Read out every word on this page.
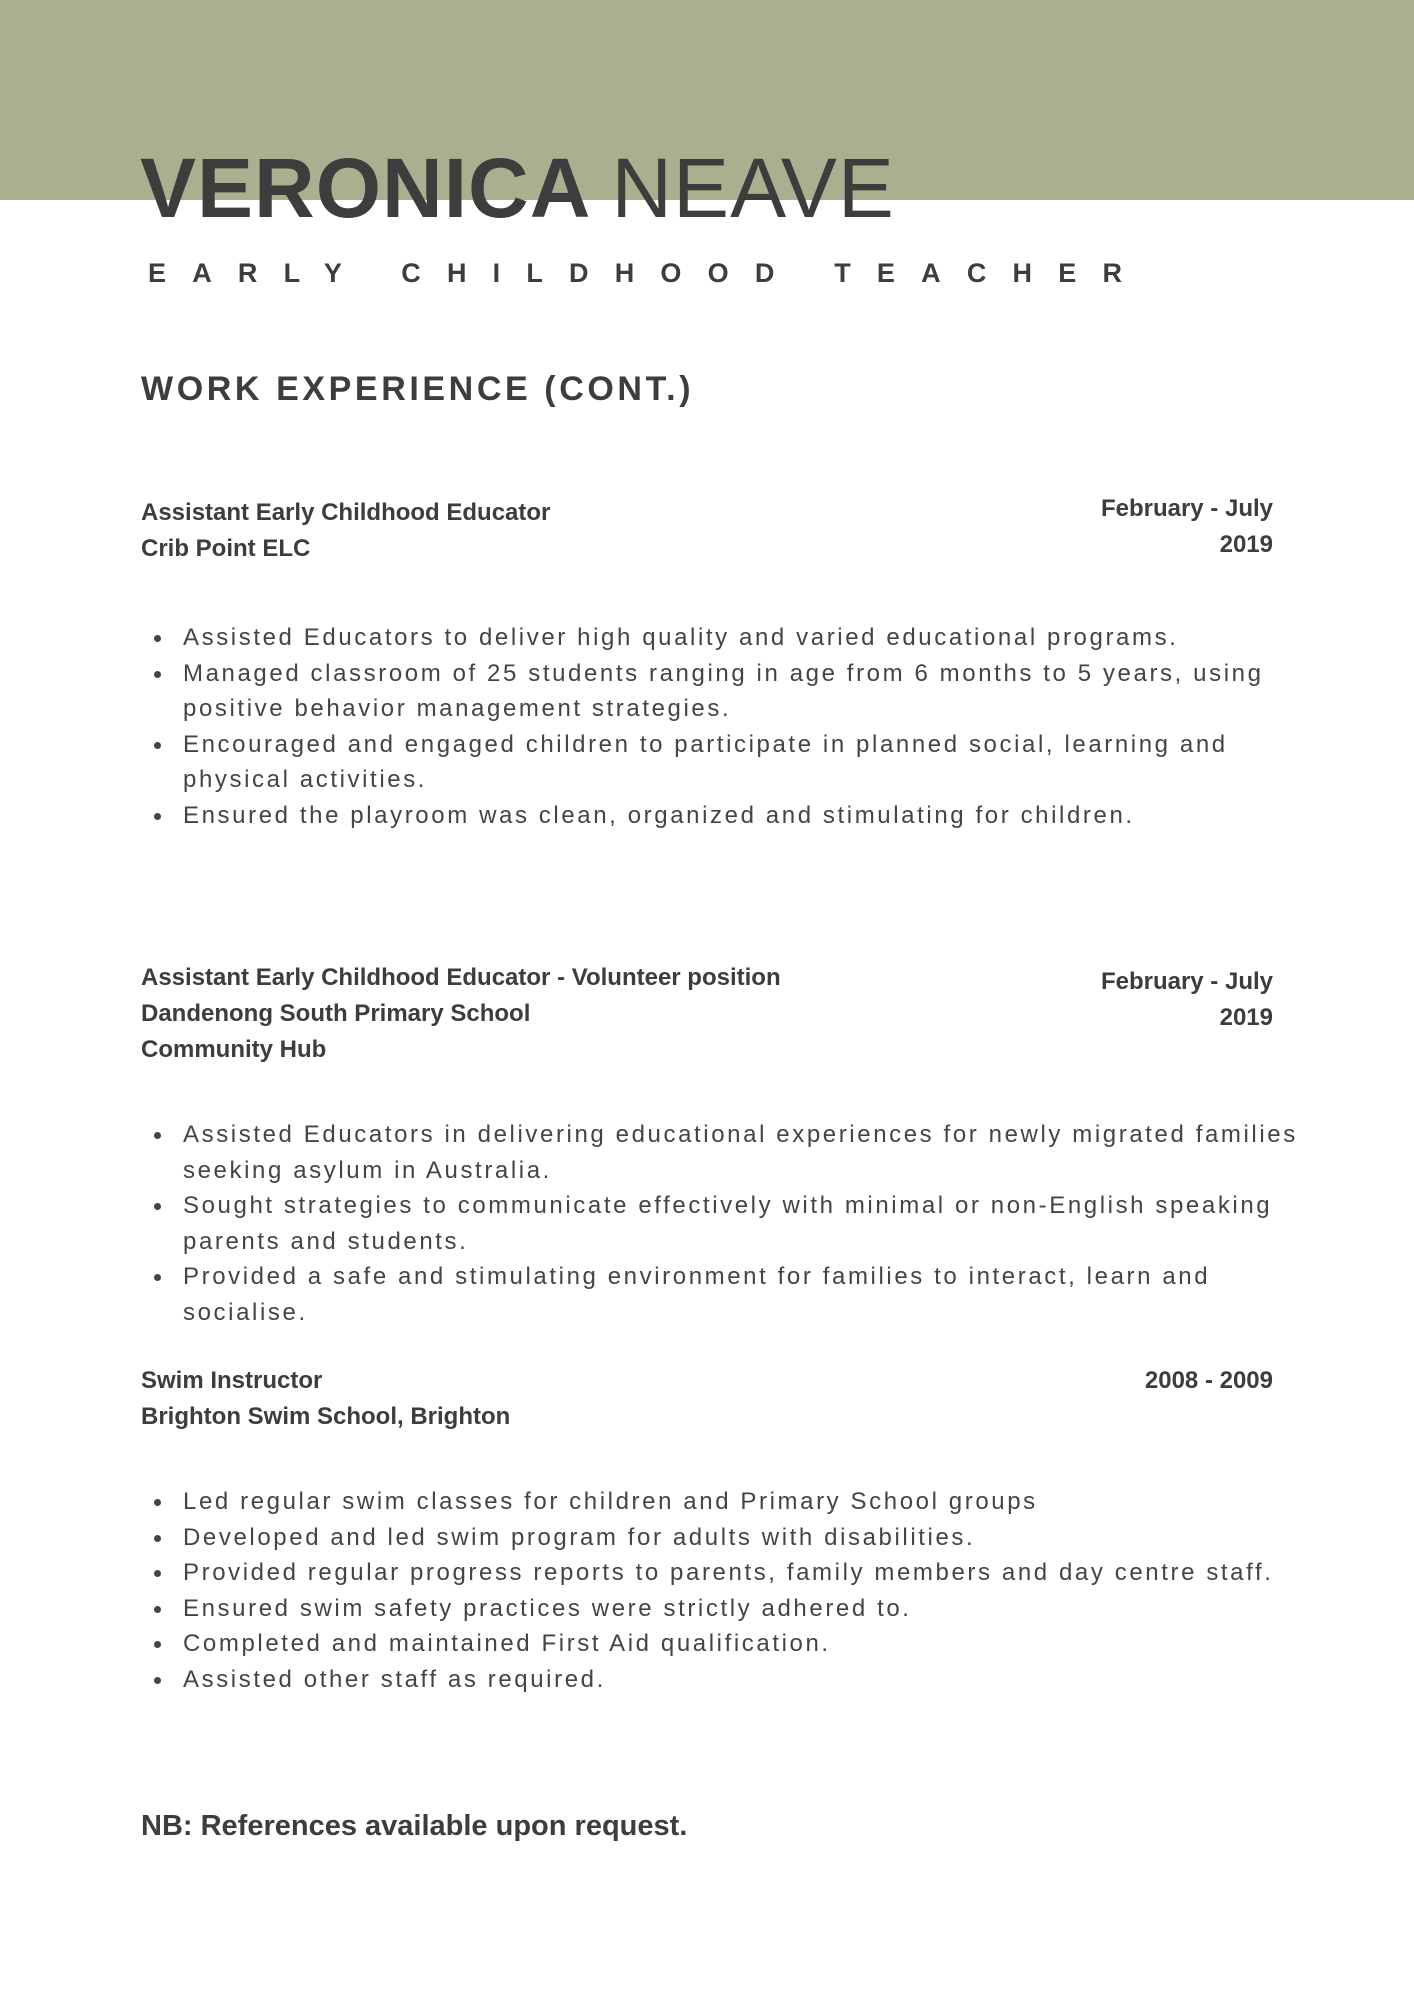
VERONICA NEAVE
EARLY CHILDHOOD TEACHER
WORK EXPERIENCE (CONT.)
Assistant Early Childhood Educator
Crib Point ELC
February - July
2019
Assisted Educators to deliver high quality and varied educational programs.
Managed classroom of 25 students ranging in age from 6 months to 5 years, using positive behavior management strategies.
Encouraged and engaged children to participate in planned social, learning and physical activities.
Ensured the playroom was clean, organized and stimulating for children.
Assistant Early Childhood Educator - Volunteer position
Dandenong South Primary School
Community Hub
February - July
2019
Assisted Educators in delivering educational experiences for newly migrated families seeking asylum in Australia.
Sought strategies to communicate effectively with minimal or non-English speaking parents and students.
Provided a safe and stimulating environment for families to interact, learn and socialise.
Swim Instructor
Brighton Swim School, Brighton
2008 - 2009
Led regular swim classes for children and Primary School groups
Developed and led swim program for adults with disabilities.
Provided regular progress reports to parents, family members and day centre staff.
Ensured swim safety practices were strictly adhered to.
Completed and maintained First Aid qualification.
Assisted other staff as required.
NB: References available upon request.
